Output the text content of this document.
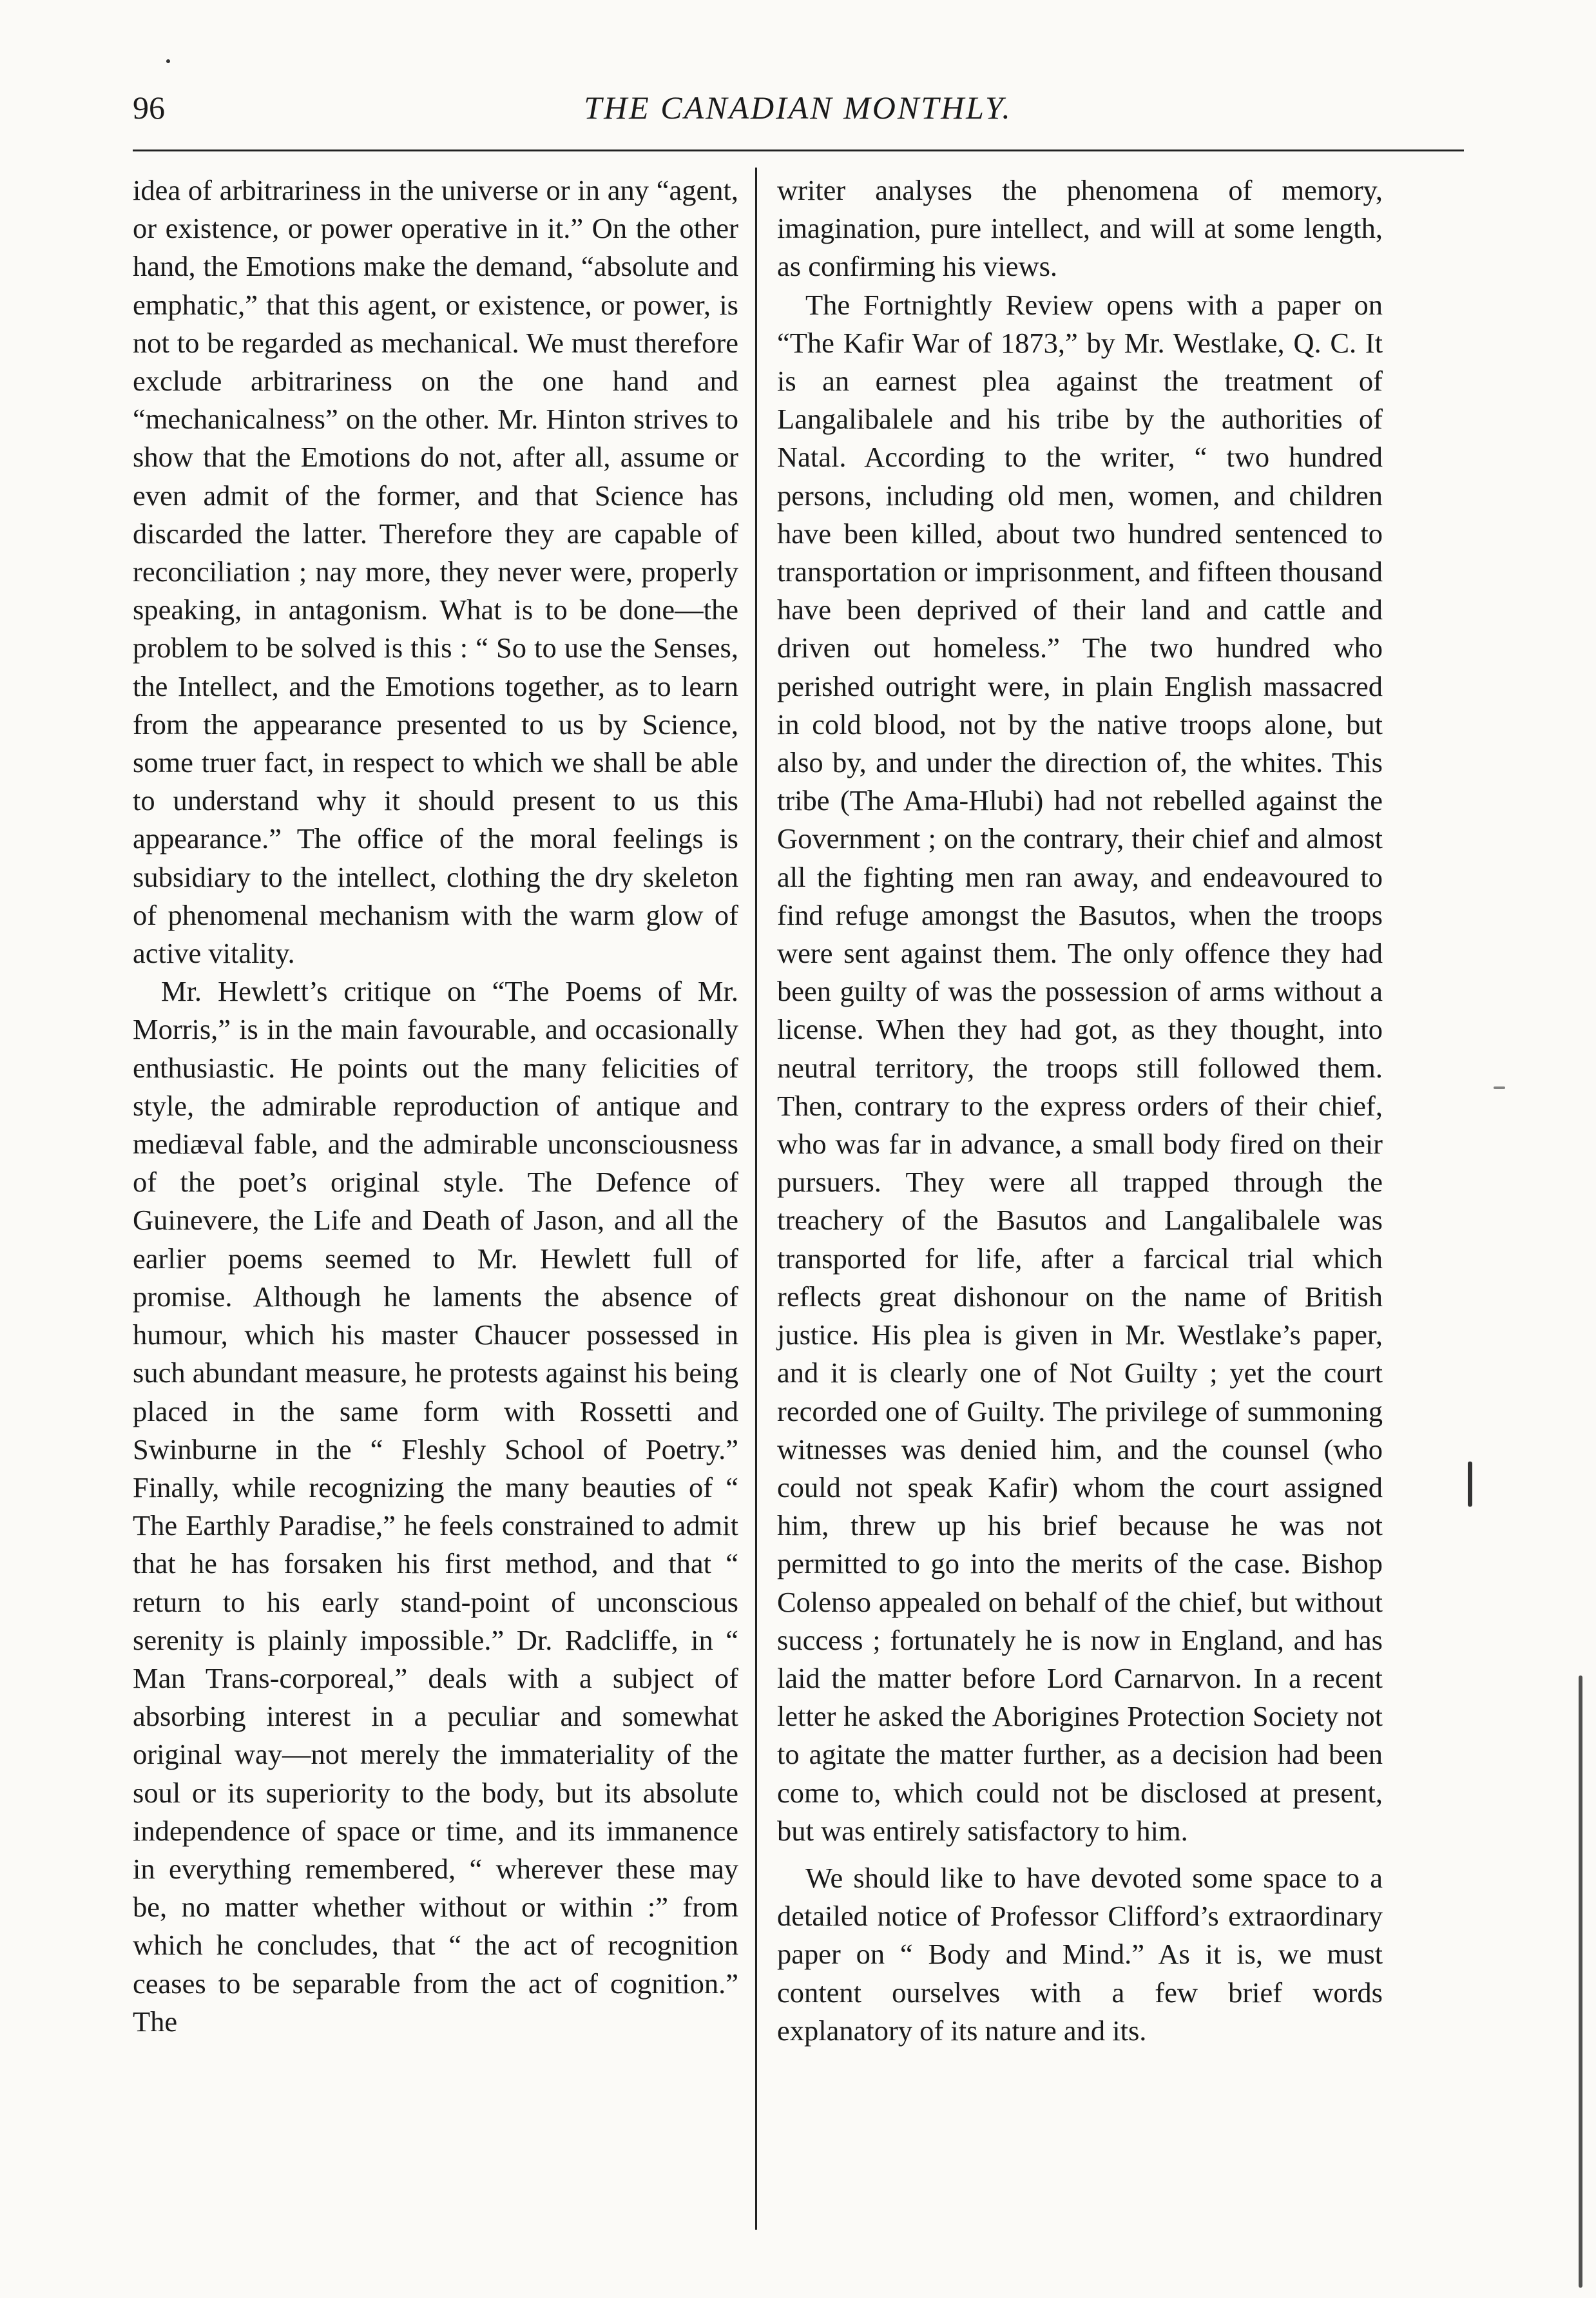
96	THE CANADIAN MONTHLY.

idea of arbitrariness in the universe or in any “agent, or existence, or power operative in it.” On the other hand, the Emotions make the demand, “absolute and emphatic,” that this agent, or existence, or power, is not to be regarded as mechanical. We must therefore exclude arbitrariness on the one hand and “mechanicalness” on the other. Mr. Hinton strives to show that the Emotions do not, after all, assume or even admit of the former, and that Science has discarded the latter. Therefore they are capable of reconciliation ; nay more, they never were, properly speaking, in antagonism. What is to be done—the problem to be solved is this : “ So to use the Senses, the Intellect, and the Emotions together, as to learn from the appearance presented to us by Science, some truer fact, in respect to which we shall be able to understand why it should present to us this appearance.” The office of the moral feelings is subsidiary to the intellect, clothing the dry skeleton of phenomenal mechanism with the warm glow of active vitality.

Mr. Hewlett’s critique on “The Poems of Mr. Morris,” is in the main favourable, and occasionally enthusiastic. He points out the many felicities of style, the admirable reproduction of antique and mediæval fable, and the admirable unconsciousness of the poet’s original style. The Defence of Guinevere, the Life and Death of Jason, and all the earlier poems seemed to Mr. Hewlett full of promise. Although he laments the absence of humour, which his master Chaucer possessed in such abundant measure, he protests against his being placed in the same form with Rossetti and Swinburne in the “ Fleshly School of Poetry.” Finally, while recognizing the many beauties of “ The Earthly Paradise,” he feels constrained to admit that he has forsaken his first method, and that “ return to his early stand-point of unconscious serenity is plainly impossible.” Dr. Radcliffe, in “ Man Trans-corporeal,” deals with a subject of absorbing interest in a peculiar and somewhat original way—not merely the immateriality of the soul or its superiority to the body, but its absolute independence of space or time, and its immanence in everything remembered, “ wherever these may be, no matter whether without or within :” from which he concludes, that “ the act of recognition ceases to be separable from the act of cognition.” The

writer analyses the phenomena of memory, imagination, pure intellect, and will at some length, as confirming his views.

The Fortnightly Review opens with a paper on “The Kafir War of 1873,” by Mr. Westlake, Q. C. It is an earnest plea against the treatment of Langalibalele and his tribe by the authorities of Natal. According to the writer, “ two hundred persons, including old men, women, and children have been killed, about two hundred sentenced to transportation or imprisonment, and fifteen thousand have been deprived of their land and cattle and driven out homeless.” The two hundred who perished outright were, in plain English massacred in cold blood, not by the native troops alone, but also by, and under the direction of, the whites. This tribe (The Ama-Hlubi) had not rebelled against the Government ; on the contrary, their chief and almost all the fighting men ran away, and endeavoured to find refuge amongst the Basutos, when the troops were sent against them. The only offence they had been guilty of was the possession of arms without a license. When they had got, as they thought, into neutral territory, the troops still followed them. Then, contrary to the express orders of their chief, who was far in advance, a small body fired on their pursuers. They were all trapped through the treachery of the Basutos and Langalibalele was transported for life, after a farcical trial which reflects great dishonour on the name of British justice. His plea is given in Mr. Westlake’s paper, and it is clearly one of Not Guilty ; yet the court recorded one of Guilty. The privilege of summoning witnesses was denied him, and the counsel (who could not speak Kafir) whom the court assigned him, threw up his brief because he was not permitted to go into the merits of the case. Bishop Colenso appealed on behalf of the chief, but without success ; fortunately he is now in England, and has laid the matter before Lord Carnarvon. In a recent letter he asked the Aborigines Protection Society not to agitate the matter further, as a decision had been come to, which could not be disclosed at present, but was entirely satisfactory to him.

We should like to have devoted some space to a detailed notice of Professor Clifford’s extraordinary paper on “ Body and Mind.” As it is, we must content ourselves with a few brief words explanatory of its nature and its.
